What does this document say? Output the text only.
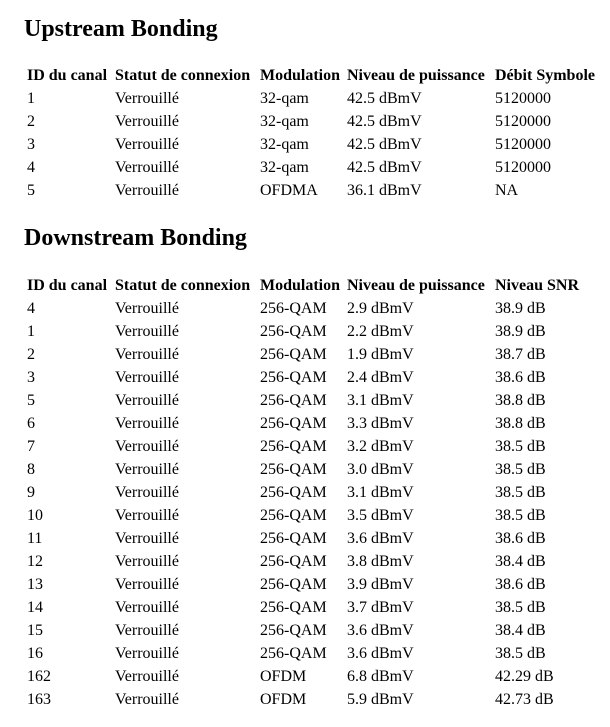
Upstream Bonding
ID du canal	Statut de connexion	Modulation	Niveau de puissance	Débit Symbole
1	Verrouillé	32-qam	42.5 dBmV	5120000
2	Verrouillé	32-qam	42.5 dBmV	5120000
3	Verrouillé	32-qam	42.5 dBmV	5120000
4	Verrouillé	32-qam	42.5 dBmV	5120000
5	Verrouillé	OFDMA	36.1 dBmV	NA
Downstream Bonding
ID du canal	Statut de connexion	Modulation	Niveau de puissance	Niveau SNR
4	Verrouillé	256-QAM	2.9 dBmV	38.9 dB
1	Verrouillé	256-QAM	2.2 dBmV	38.9 dB
2	Verrouillé	256-QAM	1.9 dBmV	38.7 dB
3	Verrouillé	256-QAM	2.4 dBmV	38.6 dB
5	Verrouillé	256-QAM	3.1 dBmV	38.8 dB
6	Verrouillé	256-QAM	3.3 dBmV	38.8 dB
7	Verrouillé	256-QAM	3.2 dBmV	38.5 dB
8	Verrouillé	256-QAM	3.0 dBmV	38.5 dB
9	Verrouillé	256-QAM	3.1 dBmV	38.5 dB
10	Verrouillé	256-QAM	3.5 dBmV	38.5 dB
11	Verrouillé	256-QAM	3.6 dBmV	38.6 dB
12	Verrouillé	256-QAM	3.8 dBmV	38.4 dB
13	Verrouillé	256-QAM	3.9 dBmV	38.6 dB
14	Verrouillé	256-QAM	3.7 dBmV	38.5 dB
15	Verrouillé	256-QAM	3.6 dBmV	38.4 dB
16	Verrouillé	256-QAM	3.6 dBmV	38.5 dB
162	Verrouillé	OFDM	6.8 dBmV	42.29 dB
163	Verrouillé	OFDM	5.9 dBmV	42.73 dB
